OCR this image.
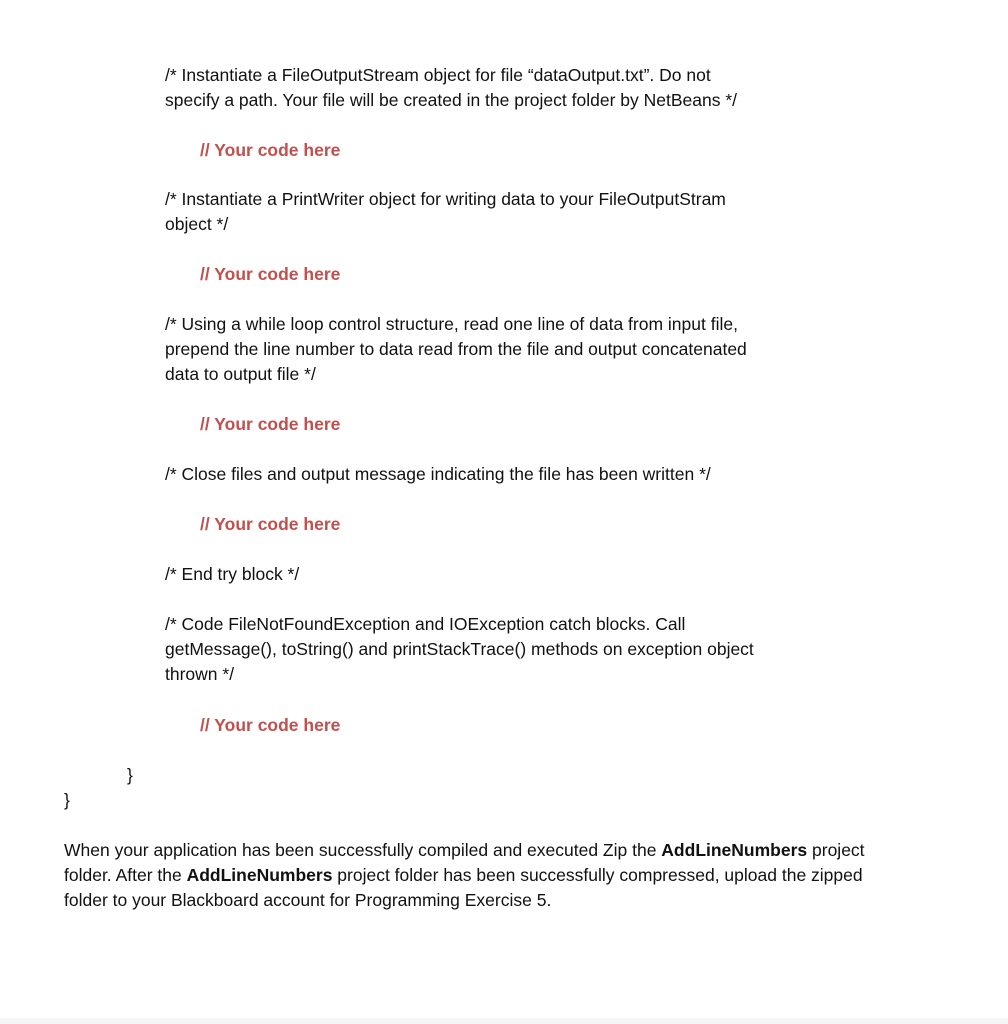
/* Instantiate a FileOutputStream object for file “dataOutput.txt”. Do not

specify a path. Your file will be created in the project folder by NetBeans */

// Your code here

/* Instantiate a PrintWriter object for writing data to your FileOutputStram

object */

// Your code here

/* Using a while loop control structure, read one line of data from input file,

prepend the line number to data read from the file and output concatenated

data to output file */

// Your code here

/* Close files and output message indicating the file has been written */

// Your code here

/* End try block */

/* Code FileNotFoundException and IOException catch blocks. Call

getMessage(), toString() and printStackTrace() methods on exception object

thrown */

// Your code here

}

}

When your application has been successfully compiled and executed Zip the AddLineNumbers project

folder. After the AddLineNumbers project folder has been successfully compressed, upload the zipped

folder to your Blackboard account for Programming Exercise 5.
